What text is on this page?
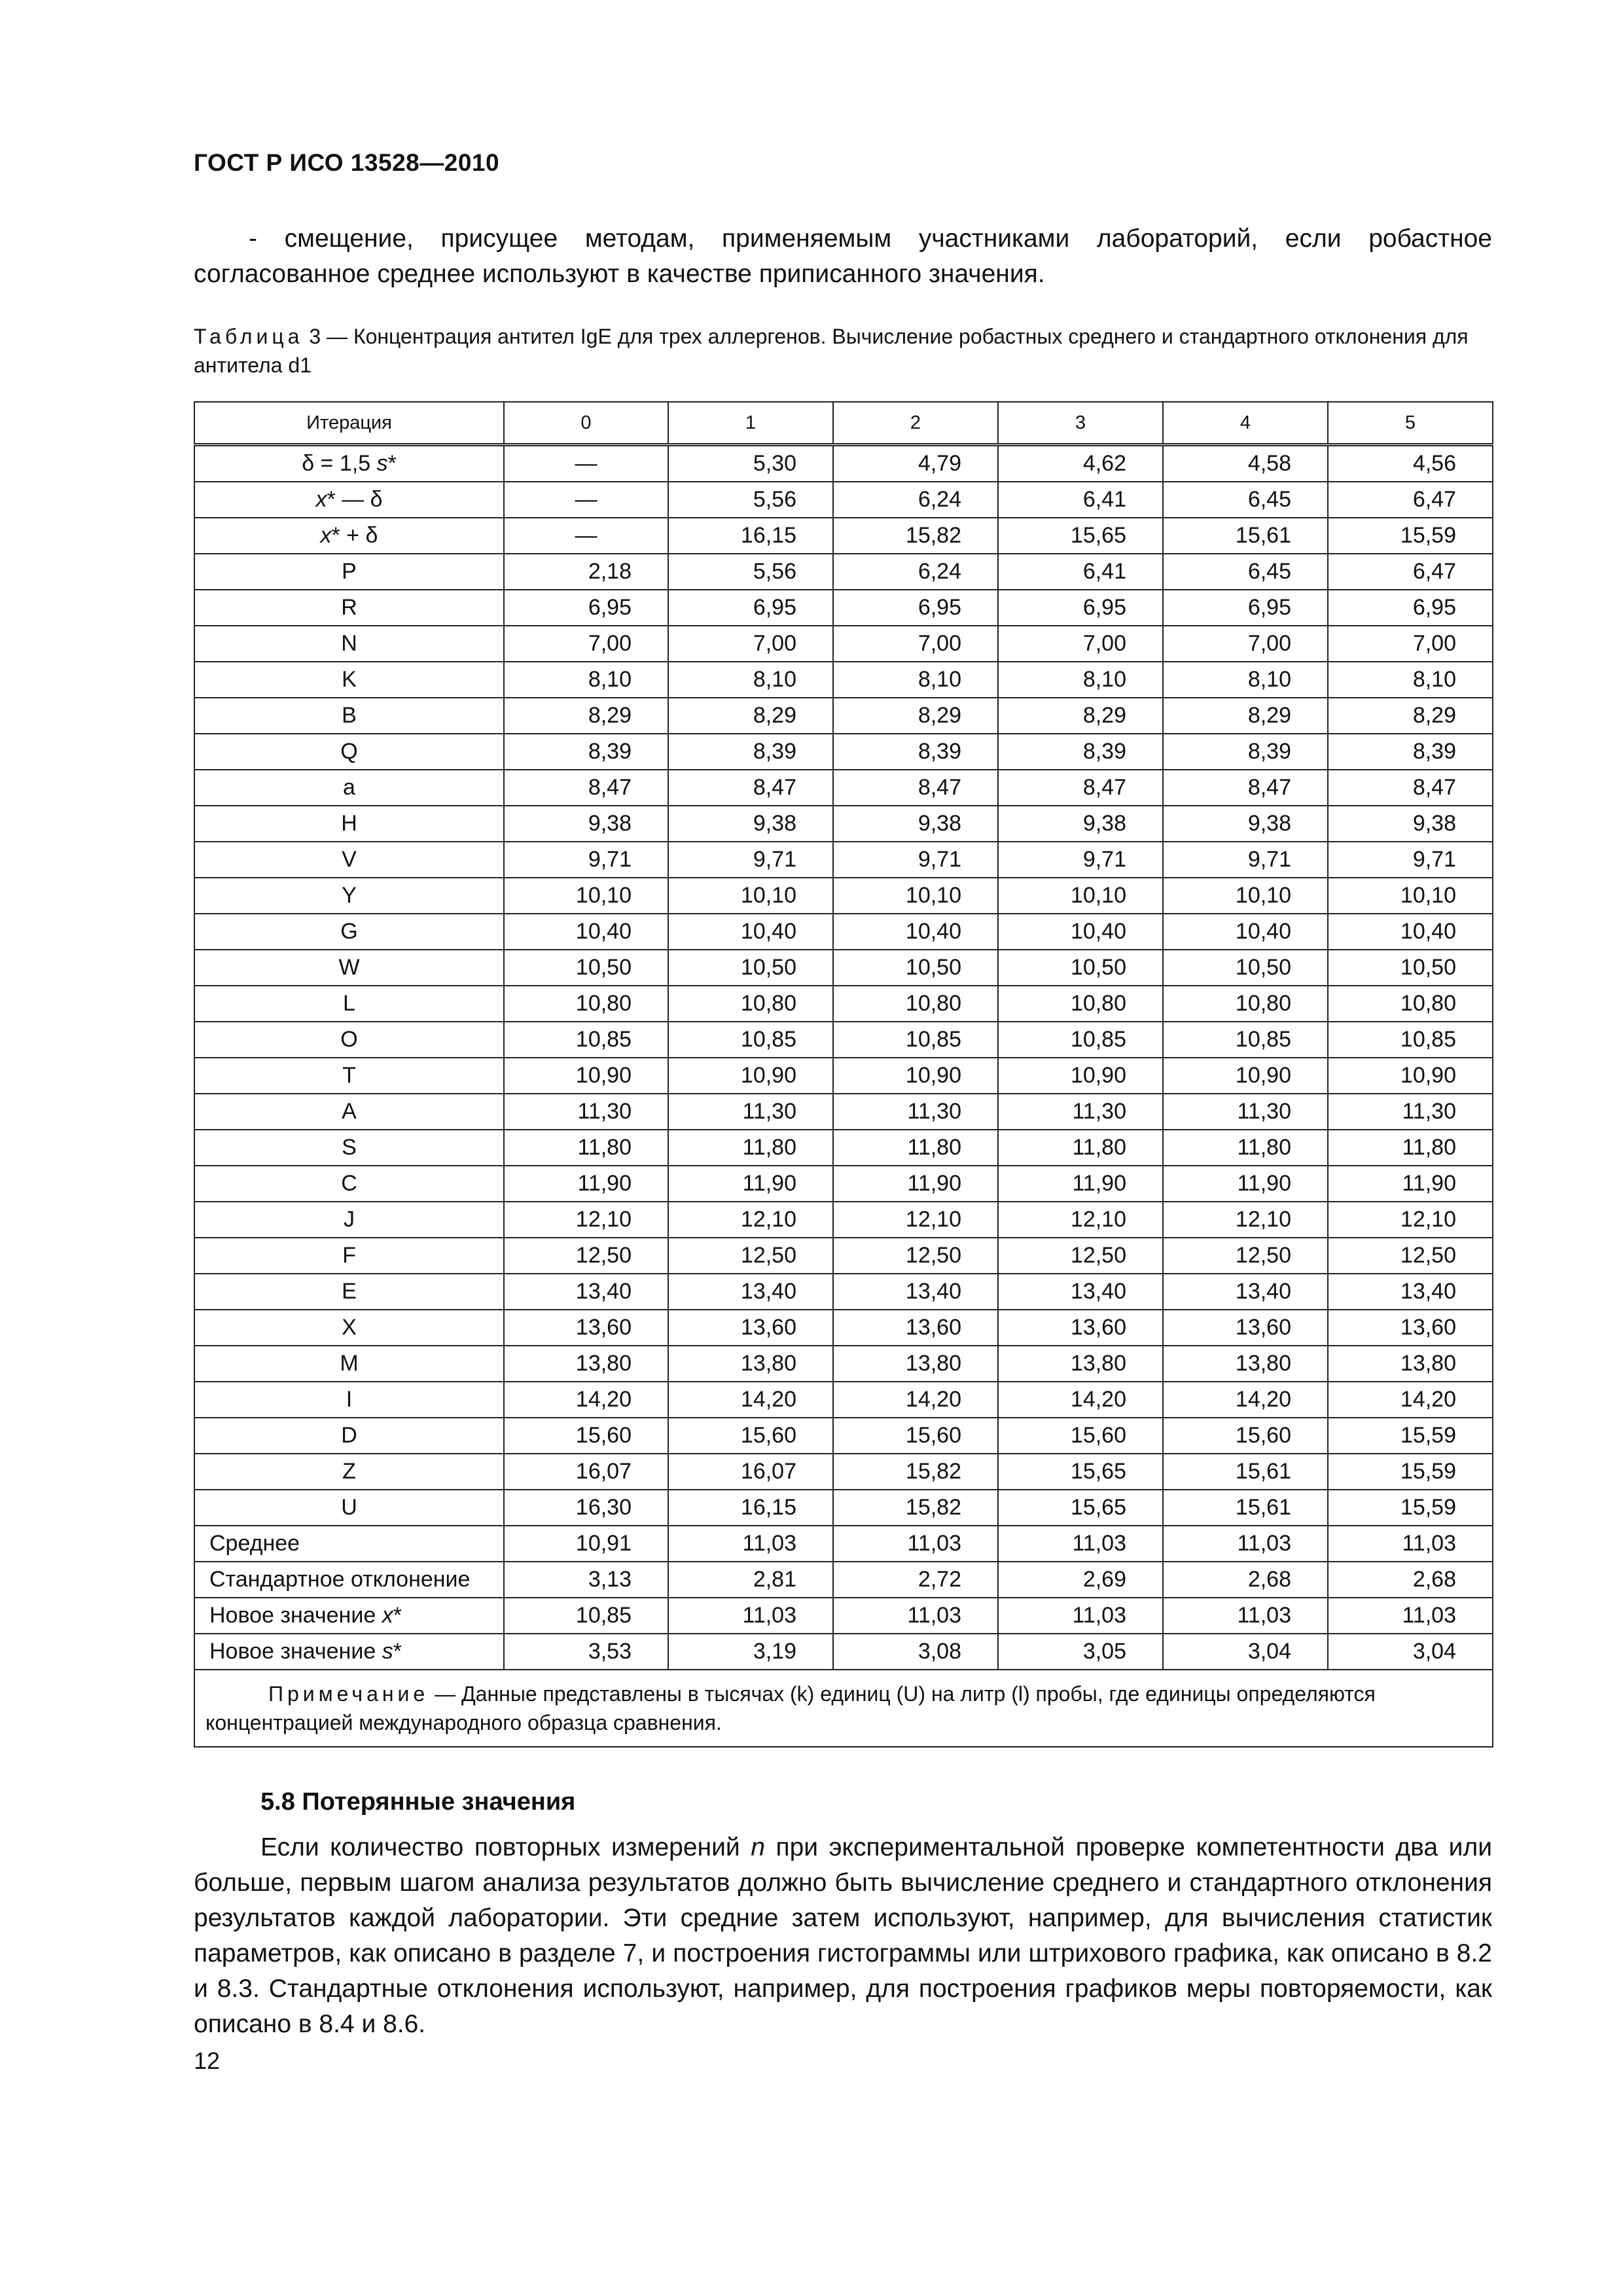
ГОСТ Р ИСО 13528—2010
- смещение, присущее методам, применяемым участниками лабораторий, если робастное согласованное среднее используют в качестве приписанного значения.
Таблица 3 — Концентрация антител IgE для трех аллергенов. Вычисление робастных среднего и стандартного отклонения для антитела d1
Итерация	0	1	2	3	4	5
δ = 1,5 s*	—	5,30	4,79	4,62	4,58	4,56
x* — δ	—	5,56	6,24	6,41	6,45	6,47
x* + δ	—	16,15	15,82	15,65	15,61	15,59
P	2,18	5,56	6,24	6,41	6,45	6,47
R	6,95	6,95	6,95	6,95	6,95	6,95
N	7,00	7,00	7,00	7,00	7,00	7,00
K	8,10	8,10	8,10	8,10	8,10	8,10
B	8,29	8,29	8,29	8,29	8,29	8,29
Q	8,39	8,39	8,39	8,39	8,39	8,39
a	8,47	8,47	8,47	8,47	8,47	8,47
H	9,38	9,38	9,38	9,38	9,38	9,38
V	9,71	9,71	9,71	9,71	9,71	9,71
Y	10,10	10,10	10,10	10,10	10,10	10,10
G	10,40	10,40	10,40	10,40	10,40	10,40
W	10,50	10,50	10,50	10,50	10,50	10,50
L	10,80	10,80	10,80	10,80	10,80	10,80
O	10,85	10,85	10,85	10,85	10,85	10,85
T	10,90	10,90	10,90	10,90	10,90	10,90
A	11,30	11,30	11,30	11,30	11,30	11,30
S	11,80	11,80	11,80	11,80	11,80	11,80
C	11,90	11,90	11,90	11,90	11,90	11,90
J	12,10	12,10	12,10	12,10	12,10	12,10
F	12,50	12,50	12,50	12,50	12,50	12,50
E	13,40	13,40	13,40	13,40	13,40	13,40
X	13,60	13,60	13,60	13,60	13,60	13,60
M	13,80	13,80	13,80	13,80	13,80	13,80
I	14,20	14,20	14,20	14,20	14,20	14,20
D	15,60	15,60	15,60	15,60	15,60	15,59
Z	16,07	16,07	15,82	15,65	15,61	15,59
U	16,30	16,15	15,82	15,65	15,61	15,59
Среднее	10,91	11,03	11,03	11,03	11,03	11,03
Стандартное отклонение	3,13	2,81	2,72	2,69	2,68	2,68
Новое значение x*	10,85	11,03	11,03	11,03	11,03	11,03
Новое значение s*	3,53	3,19	3,08	3,05	3,04	3,04
Примечание — Данные представлены в тысячах (k) единиц (U) на литр (l) пробы, где единицы определяются концентрацией международного образца сравнения.						
5.8 Потерянные значения
Если количество повторных измерений n при экспериментальной проверке компетентности два или больше, первым шагом анализа результатов должно быть вычисление среднего и стандартного отклонения результатов каждой лаборатории. Эти средние затем используют, например, для вычисления статистик параметров, как описано в разделе 7, и построения гистограммы или штрихового графика, как описано в 8.2 и 8.3. Стандартные отклонения используют, например, для построения графиков меры повторяемости, как описано в 8.4 и 8.6.
12
